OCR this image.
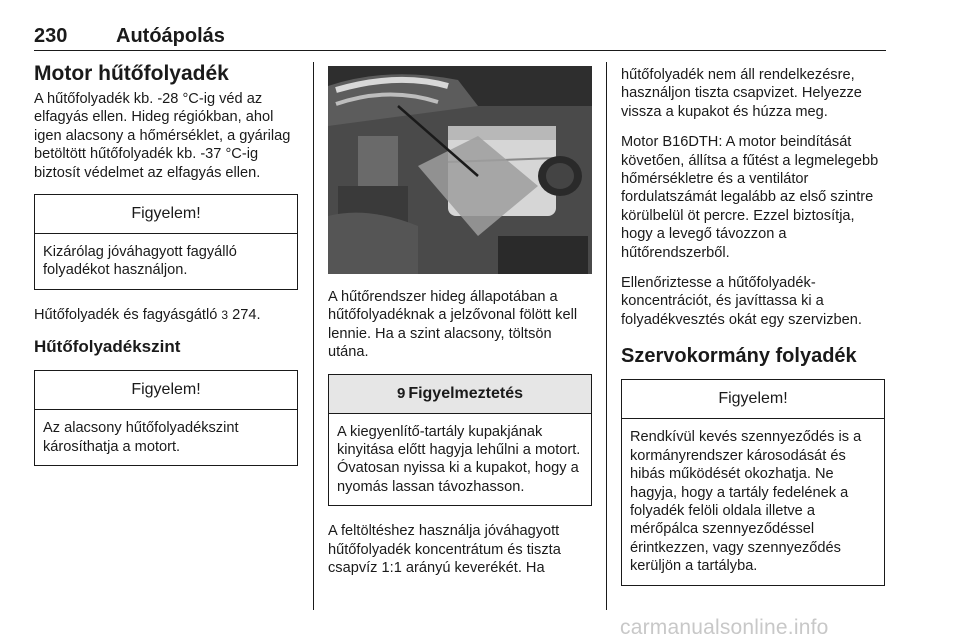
230 Autóápolás
Motor hűtőfolyadék

A hűtőfolyadék kb. -28 °C-ig véd az elfagyás ellen. Hideg régiókban, ahol igen alacsony a hőmérséklet, a gyárilag betöltött hűtőfolyadék kb. -37 °C-ig biztosít védelmet az elfagyás ellen.

Figyelem!
Kizárólag jóváhagyott fagyálló folyadékot használjon.

Hűtőfolyadék és fagyásgátló 3 274.

Hűtőfolyadékszint
Figyelem!
Az alacsony hűtőfolyadékszint károsíthatja a motort.

A hűtőrendszer hideg állapotában a hűtőfolyadéknak a jelzővonal fölött kell lennie. Ha a szint alacsony, töltsön utána.

9 Figyelmeztetés
A kiegyenlítő-tartály kupakjának kinyitása előtt hagyja lehűlni a motort. Óvatosan nyissa ki a kupakot, hogy a nyomás lassan távozhasson.

A feltöltéshez használja jóváhagyott hűtőfolyadék koncentrátum és tiszta csapvíz 1:1 arányú keverékét. Ha

hűtőfolyadék nem áll rendelkezésre, használjon tiszta csapvizet. Helyezze vissza a kupakot és húzza meg.

Motor B16DTH: A motor beindítását követően, állítsa a fűtést a legmelegebb hőmérsékletre és a ventilátor fordulatszámát legalább az első szintre körülbelül öt percre. Ezzel biztosítja, hogy a levegő távozzon a hűtőrendszerből.

Ellenőriztesse a hűtőfolyadék-koncentrációt, és javíttassa ki a folyadékvesztés okát egy szervizben.

Szervokormány folyadék
Figyelem!
Rendkívül kevés szennyeződés is a kormányrendszer károsodását és hibás működését okozhatja. Ne hagyja, hogy a tartály fedelének a folyadék felöli oldala illetve a mérőpálca szennyeződéssel érintkezzen, vagy szennyeződés kerüljön a tartályba.
carmanualsonline.info
